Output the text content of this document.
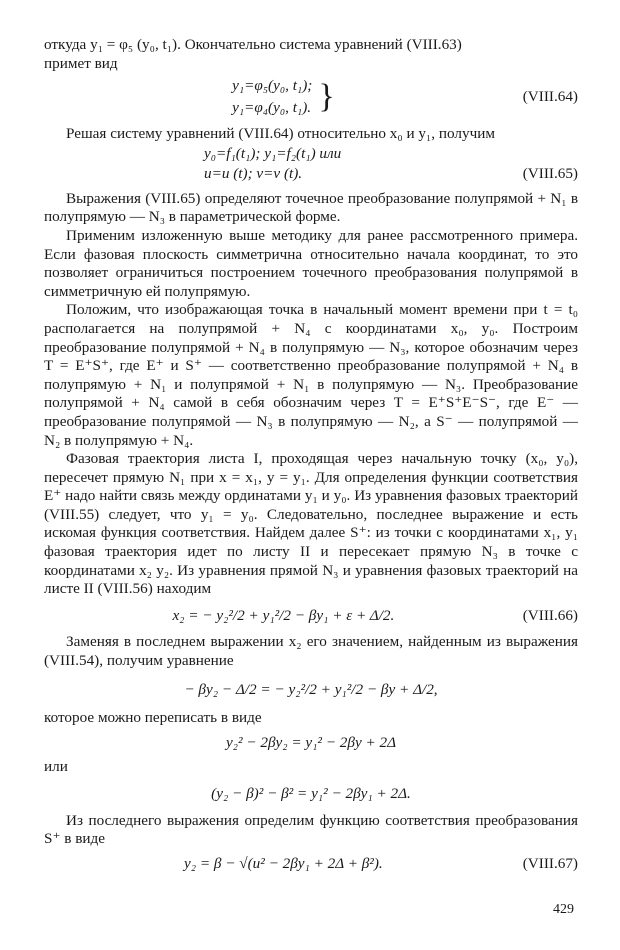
откуда y₁ = φ₅ (y₀, t₁). Окончательно система уравнений (VIII.63)

примет вид

y₁=φ₅(y₀, t₁);
y₁=φ₄(y₀, t₁). }	(VIII.64)

Решая систему уравнений (VIII.64) относительно x₀ и y₁, получим

y₀=f₁(t₁); y₁=f₂(t₁) или
u=u (t); v=v (t).	(VIII.65)

Выражения (VIII.65) определяют точечное преобразование полупрямой + N₁ в полупрямую — N₃ в параметрической форме.

Применим изложенную выше методику для ранее рассмотренного примера. Если фазовая плоскость симметрична относительно начала координат, то это позволяет ограничиться построением точечного преобразования полупрямой в симметричную ей полупрямую.

Положим, что изображающая точка в начальный момент времени при t = t₀ располагается на полупрямой + N₄ с координатами x₀, y₀. Построим преобразование полупрямой + N₄ в полупрямую — N₃, которое обозначим через T = E⁺S⁺, где E⁺ и S⁺ — соответственно преобразование полупрямой + N₄ в полупрямую + N₁ и полупрямой + N₁ в полупрямую — N₃. Преобразование полупрямой + N₄ самой в себя обозначим через T = E⁺S⁺E⁻S⁻, где E⁻ — преобразование полупрямой — N₃ в полупрямую — N₂, а S⁻ — полупрямой — N₂ в полупрямую + N₄.

Фазовая траектория листа I, проходящая через начальную точку (x₀, y₀), пересечет прямую N₁ при x = x₁, y = y₁. Для определения функции соответствия E⁺ надо найти связь между ординатами y₁ и y₀. Из уравнения фазовых траекторий (VIII.55) следует, что y₁ = y₀. Следовательно, последнее выражение и есть искомая функция соответствия. Найдем далее S⁺: из точки с координатами x₁, y₁ фазовая траектория идет по листу II и пересекает прямую N₃ в точке с координатами x₂ y₂. Из уравнения прямой N₃ и уравнения фазовых траекторий на листе II (VIII.56) находим

x₂ = − y₂²/2 + y₁²/2 − βy₁ + ε + Δ/2.	(VIII.66)

Заменяя в последнем выражении x₂ его значением, найденным из выражения (VIII.54), получим уравнение

− βy₂ − Δ/2 = − y₂²/2 + y₁²/2 − βy + Δ/2,

которое можно переписать в виде

y₂² − 2βy₂ = y₁² − 2βy + 2Δ

или

(y₂ − β)² − β² = y₁² − 2βy₁ + 2Δ.

Из последнего выражения определим функцию соответствия преобразования S⁺ в виде

y₂ = β − √(u² − 2βy₁ + 2Δ + β²).	(VIII.67)
429
